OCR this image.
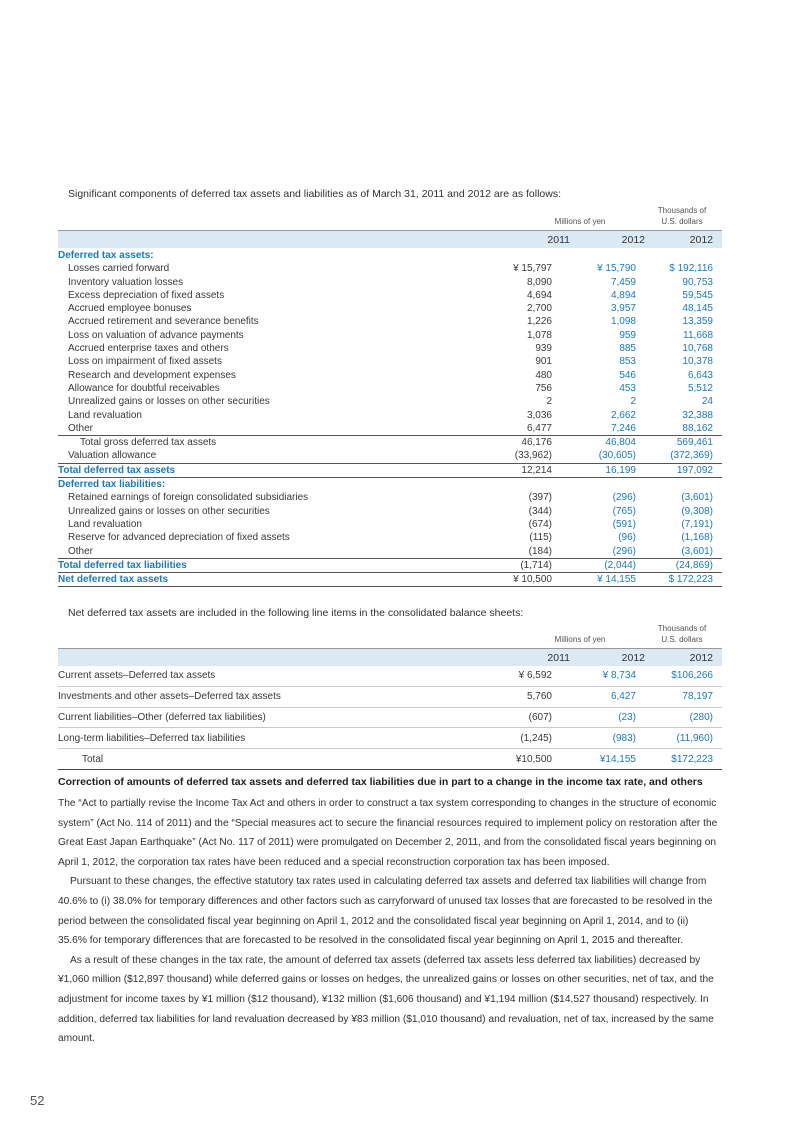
Significant components of deferred tax assets and liabilities as of March 31, 2011 and 2012 are as follows:
Millions of yen
Thousands of
U.S. dollars
2011	2012	2012
Deferred tax assets:			
Losses carried forward	¥ 15,797	¥ 15,790	$ 192,116
Inventory valuation losses	8,090	7,459	90,753
Excess depreciation of fixed assets	4,694	4,894	59,545
Accrued employee bonuses	2,700	3,957	48,145
Accrued retirement and severance benefits	1,226	1,098	13,359
Loss on valuation of advance payments	1,078	959	11,668
Accrued enterprise taxes and others	939	885	10,768
Loss on impairment of fixed assets	901	853	10,378
Research and development expenses	480	546	6,643
Allowance for doubtful receivables	756	453	5,512
Unrealized gains or losses on other securities	2	2	24
Land revaluation	3,036	2,662	32,388
Other	6,477	7,246	88,162
Total gross deferred tax assets	46,176	46,804	569,461
Valuation allowance	(33,962)	(30,605)	(372,369)
Total deferred tax assets	12,214	16,199	197,092
Deferred tax liabilities:			
Retained earnings of foreign consolidated subsidiaries	(397)	(296)	(3,601)
Unrealized gains or losses on other securities	(344)	(765)	(9,308)
Land revaluation	(674)	(591)	(7,191)
Reserve for advanced depreciation of fixed assets	(115)	(96)	(1,168)
Other	(184)	(296)	(3,601)
Total deferred tax liabilities	(1,714)	(2,044)	(24,869)
Net deferred tax assets	¥ 10,500	¥ 14,155	$ 172,223
Net deferred tax assets are included in the following line items in the consolidated balance sheets:
Millions of yen
Thousands of
U.S. dollars
2011	2012	2012
Current assets–Deferred tax assets	¥ 6,592	¥ 8,734	$106,266
Investments and other assets–Deferred tax assets	5,760	6,427	78,197
Current liabilities–Other (deferred tax liabilities)	(607)	(23)	(280)
Long-term liabilities–Deferred tax liabilities	(1,245)	(983)	(11,960)
Total	¥10,500	¥14,155	$172,223
Correction of amounts of deferred tax assets and deferred tax liabilities due in part to a change in the income tax rate, and others

The “Act to partially revise the Income Tax Act and others in order to construct a tax system corresponding to changes in the structure of economic system” (Act No. 114 of 2011) and the “Special measures act to secure the financial resources required to implement policy on restoration after the Great East Japan Earthquake” (Act No. 117 of 2011) were promulgated on December 2, 2011, and from the consolidated fiscal years beginning on April 1, 2012, the corporation tax rates have been reduced and a special reconstruction corporation tax has been imposed.

Pursuant to these changes, the effective statutory tax rates used in calculating deferred tax assets and deferred tax liabilities will change from 40.6% to (i) 38.0% for temporary differences and other factors such as carryforward of unused tax losses that are forecasted to be resolved in the period between the consolidated fiscal year beginning on April 1, 2012 and the consolidated fiscal year beginning on April 1, 2014, and to (ii) 35.6% for temporary differences that are forecasted to be resolved in the consolidated fiscal year beginning on April 1, 2015 and thereafter.

As a result of these changes in the tax rate, the amount of deferred tax assets (deferred tax assets less deferred tax liabilities) decreased by ¥1,060 million ($12,897 thousand) while deferred gains or losses on hedges, the unrealized gains or losses on other securities, net of tax, and the adjustment for income taxes by ¥1 million ($12 thousand), ¥132 million ($1,606 thousand) and ¥1,194 million ($14,527 thousand) respectively. In addition, deferred tax liabilities for land revaluation decreased by ¥83 million ($1,010 thousand) and revaluation, net of tax, increased by the same amount.

52
